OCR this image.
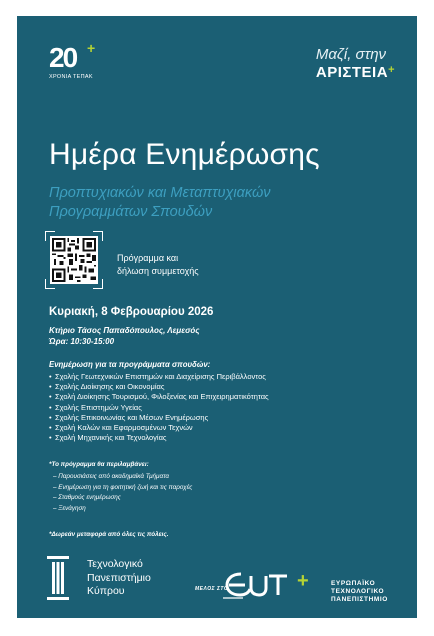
20 +
ΧΡΟΝΙΑ ΤΕΠΑΚ
Μαζί, στην
ΑΡΙΣΤΕΙΑ+
Ημέρα Ενημέρωσης
Προπτυχιακών και Μεταπτυχιακών
Προγραμμάτων Σπουδών
Πρόγραμμα και
δήλωση συμμετοχής
Κυριακή, 8 Φεβρουαρίου 2026
Κτήριο Τάσος Παπαδόπουλος, Λεμεσός
Ώρα: 10:30-15:00
Ενημέρωση για τα προγράμματα σπουδών:
• Σχολής Γεωτεχνικών Επιστημών και Διαχείρισης Περιβάλλοντος
• Σχολής Διοίκησης και Οικονομίας
• Σχολή Διοίκησης Τουρισμού, Φιλοξενίας και Επιχειρηματικότητας
• Σχολής Επιστημών Υγείας
• Σχολής Επικοινωνίας και Μέσων Ενημέρωσης
• Σχολή Καλών και Εφαρμοσμένων Τεχνών
• Σχολή Μηχανικής και Τεχνολογίας
*Το πρόγραμμα θα περιλαμβάνει:
– Παρουσιάσεις από ακαδημαϊκά Τμήματα
– Ενημέρωση για τη φοιτητική ζωή και τις παροχές
– Σταθμούς ενημέρωσης
– Ξενάγηση
*Δωρεάν μεταφορά από όλες τις πόλεις.
Τεχνολογικό
Πανεπιστήμιο
Κύπρου	ΜΕΛΟΣ ΣΤΟ	+	ΕΥΡΩΠΑΪΚΟ
ΤΕΧΝΟΛΟΓΙΚΟ
ΠΑΝΕΠΙΣΤΗΜΙΟ
